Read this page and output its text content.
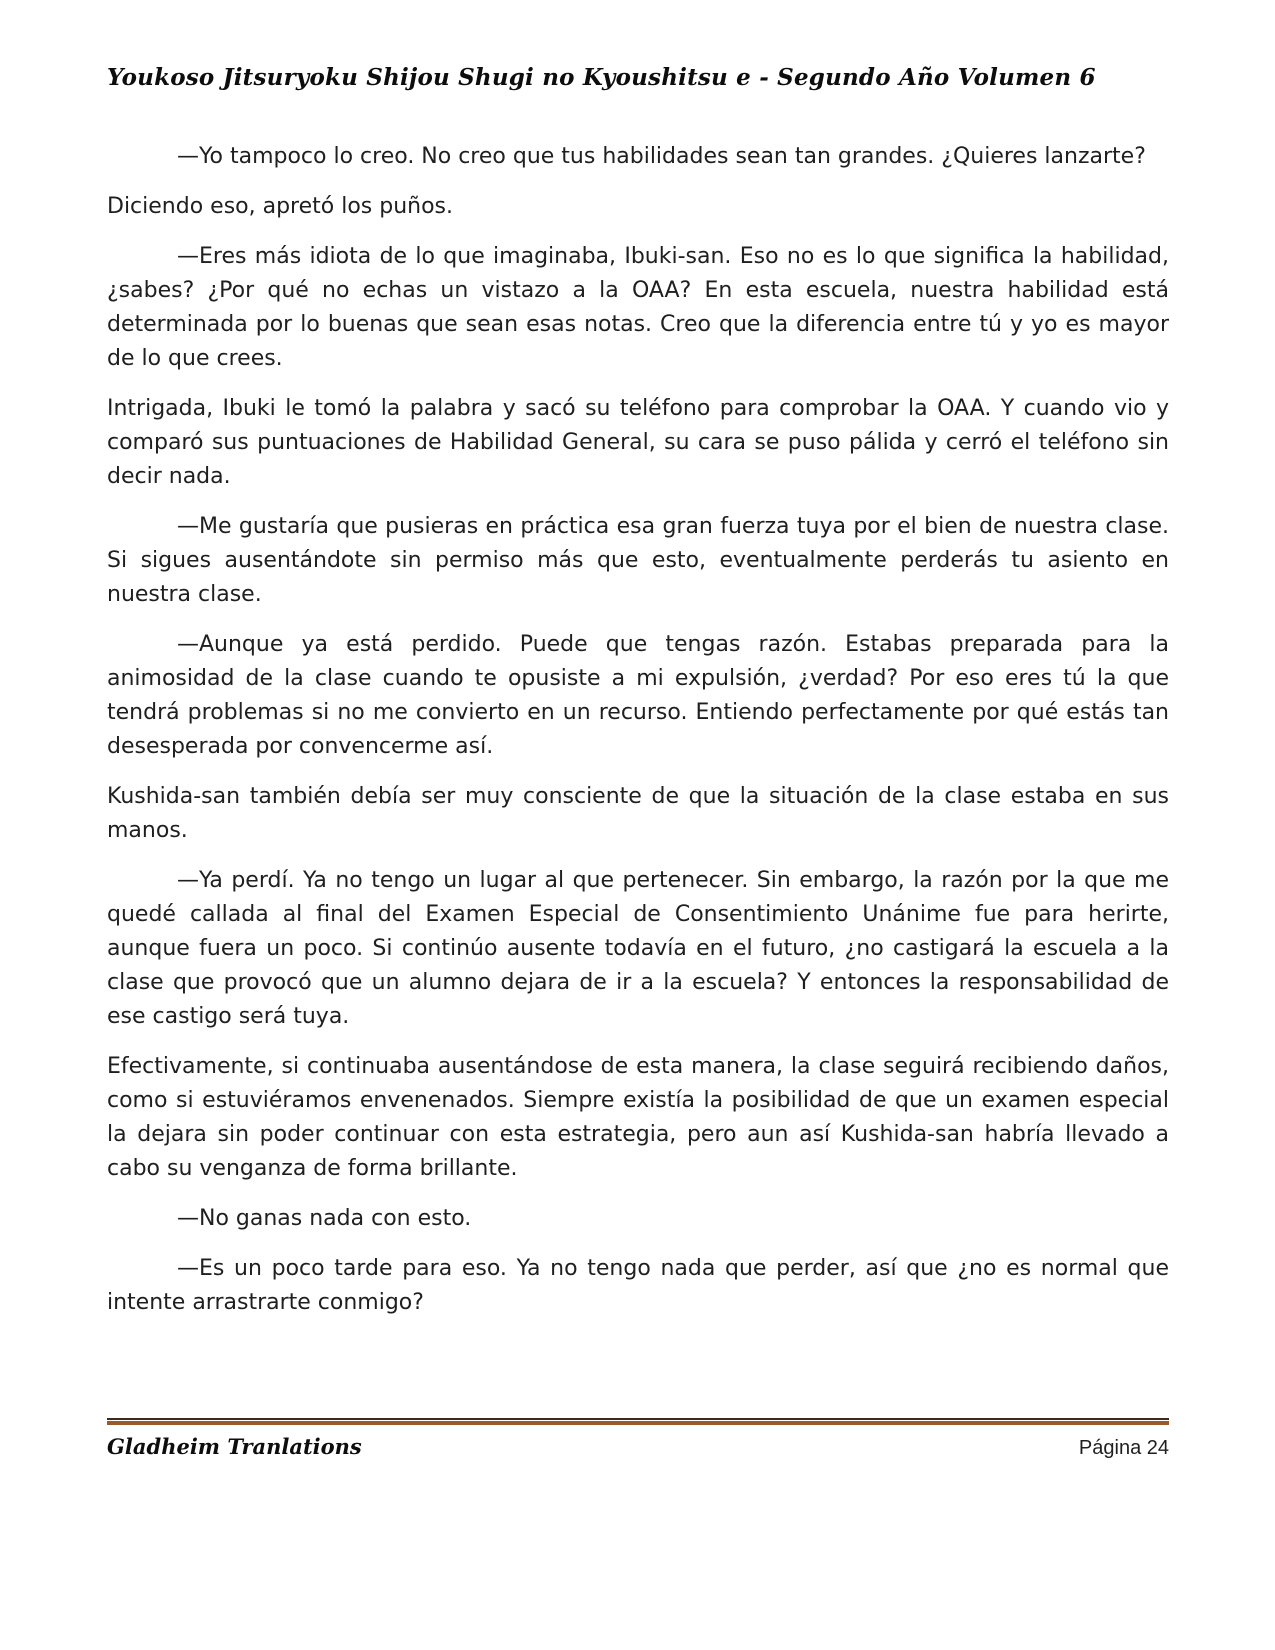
Youkoso Jitsuryoku Shijou Shugi no Kyoushitsu e - Segundo Año Volumen 6

—Yo tampoco lo creo. No creo que tus habilidades sean tan grandes. ¿Quieres lanzarte?

Diciendo eso, apretó los puños.

—Eres más idiota de lo que imaginaba, Ibuki-san. Eso no es lo que significa la habilidad, ¿sabes? ¿Por qué no echas un vistazo a la OAA? En esta escuela, nuestra habilidad está determinada por lo buenas que sean esas notas. Creo que la diferencia entre tú y yo es mayor de lo que crees.

Intrigada, Ibuki le tomó la palabra y sacó su teléfono para comprobar la OAA. Y cuando vio y comparó sus puntuaciones de Habilidad General, su cara se puso pálida y cerró el teléfono sin decir nada.

—Me gustaría que pusieras en práctica esa gran fuerza tuya por el bien de nuestra clase. Si sigues ausentándote sin permiso más que esto, eventualmente perderás tu asiento en nuestra clase.

—Aunque ya está perdido. Puede que tengas razón. Estabas preparada para la animosidad de la clase cuando te opusiste a mi expulsión, ¿verdad? Por eso eres tú la que tendrá problemas si no me convierto en un recurso. Entiendo perfectamente por qué estás tan desesperada por convencerme así.

Kushida-san también debía ser muy consciente de que la situación de la clase estaba en sus manos.

—Ya perdí. Ya no tengo un lugar al que pertenecer. Sin embargo, la razón por la que me quedé callada al final del Examen Especial de Consentimiento Unánime fue para herirte, aunque fuera un poco. Si continúo ausente todavía en el futuro, ¿no castigará la escuela a la clase que provocó que un alumno dejara de ir a la escuela? Y entonces la responsabilidad de ese castigo será tuya.

Efectivamente, si continuaba ausentándose de esta manera, la clase seguirá recibiendo daños, como si estuviéramos envenenados. Siempre existía la posibilidad de que un examen especial la dejara sin poder continuar con esta estrategia, pero aun así Kushida-san habría llevado a cabo su venganza de forma brillante.

—No ganas nada con esto.

—Es un poco tarde para eso. Ya no tengo nada que perder, así que ¿no es normal que intente arrastrarte conmigo?

Gladheim Tranlations	Página 24
